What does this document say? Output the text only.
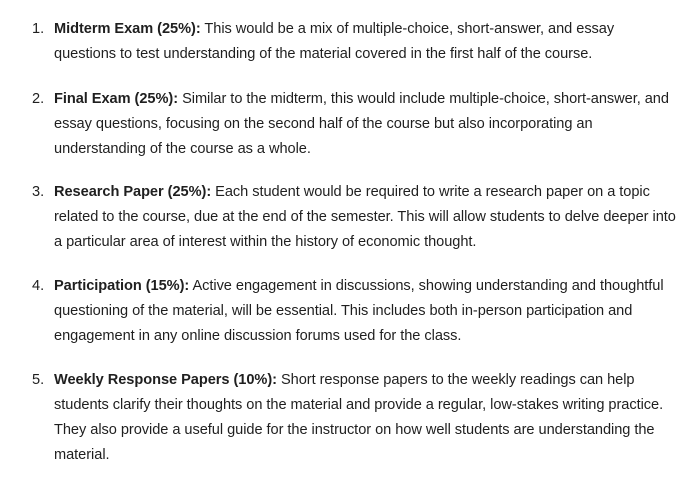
1. Midterm Exam (25%): This would be a mix of multiple-choice, short-answer, and essay questions to test understanding of the material covered in the first half of the course.
2. Final Exam (25%): Similar to the midterm, this would include multiple-choice, short-answer, and essay questions, focusing on the second half of the course but also incorporating an understanding of the course as a whole.
3. Research Paper (25%): Each student would be required to write a research paper on a topic related to the course, due at the end of the semester. This will allow students to delve deeper into a particular area of interest within the history of economic thought.
4. Participation (15%): Active engagement in discussions, showing understanding and thoughtful questioning of the material, will be essential. This includes both in-person participation and engagement in any online discussion forums used for the class.
5. Weekly Response Papers (10%): Short response papers to the weekly readings can help students clarify their thoughts on the material and provide a regular, low-stakes writing practice. They also provide a useful guide for the instructor on how well students are understanding the material.
